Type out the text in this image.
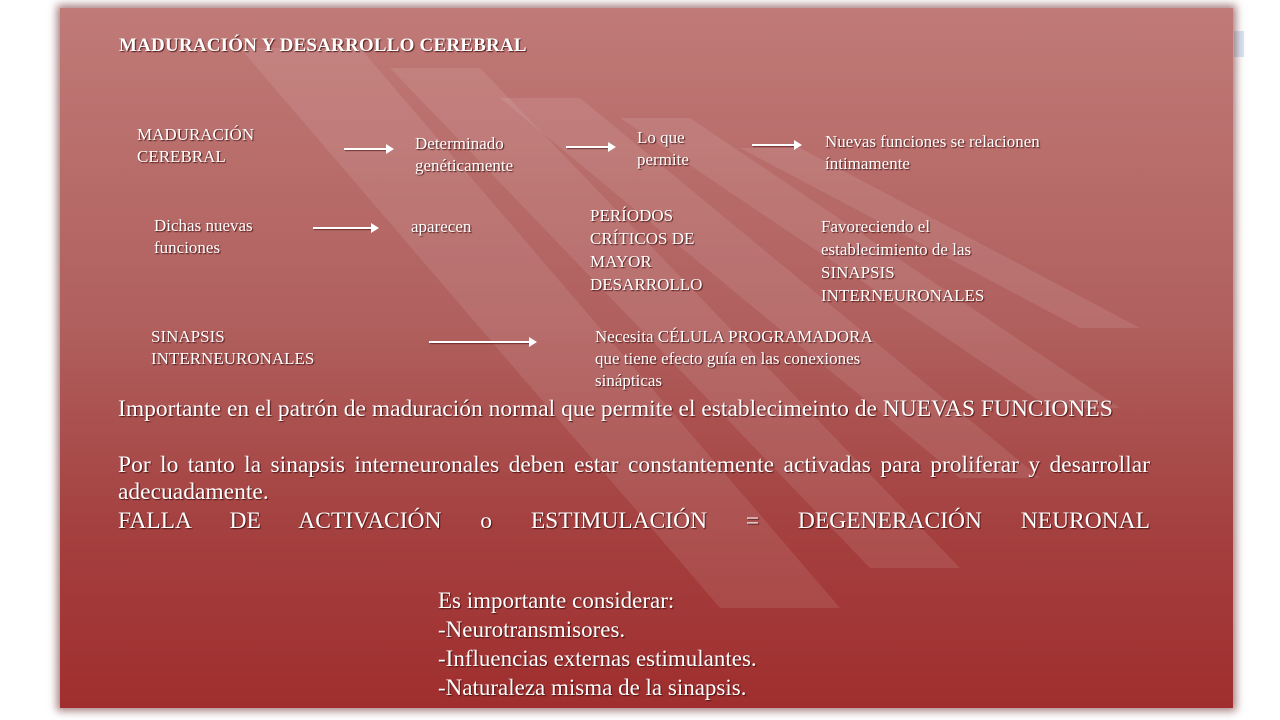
MADURACIÓN Y DESARROLLO CEREBRAL
MADURACIÓN
CEREBRAL
Determinado
genéticamente
Lo que
permite
Nuevas funciones se relacionen
íntimamente
Dichas nuevas
funciones
aparecen
PERÍODOS
CRÍTICOS DE
MAYOR
DESARROLLO
Favoreciendo el
establecimiento de las
SINAPSIS
INTERNEURONALES
SINAPSIS
INTERNEURONALES
Necesita CÉLULA PROGRAMADORA
que tiene efecto guía en las conexiones
sinápticas
Importante en el patrón de maduración normal que permite el establecimeinto de NUEVAS FUNCIONES
Por lo tanto la sinapsis interneuronales deben estar constantemente activadas para proliferar y desarrollar adecuadamente.
FALLA DE ACTIVACIÓN o ESTIMULACIÓN = DEGENERACIÓN NEURONAL
Es importante considerar:
-Neurotransmisores.
-Influencias externas estimulantes.
-Naturaleza misma de la sinapsis.
